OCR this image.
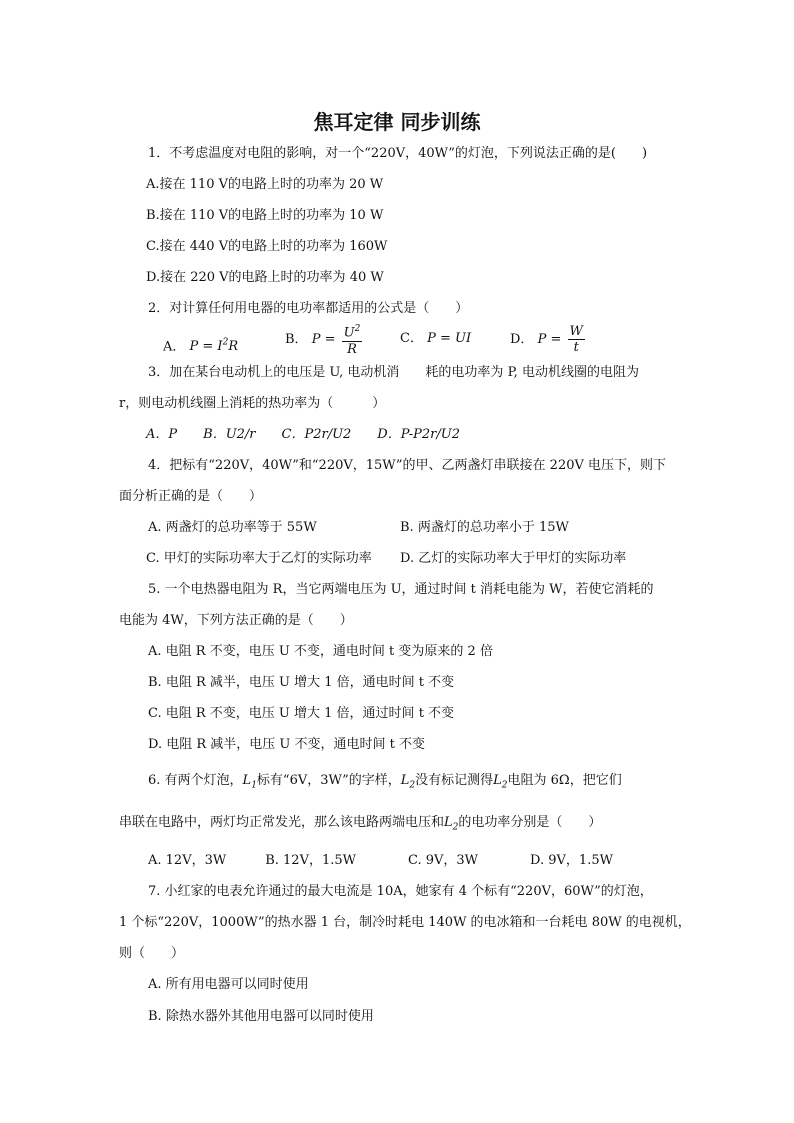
焦耳定律 同步训练
1．不考虑温度对电阻的影响，对一个“220V，40W”的灯泡，下列说法正确的是(　　)
A.接在 110 V的电路上时的功率为 20 W
B.接在 110 V的电路上时的功率为 10 W
C.接在 440 V的电路上时的功率为 160W
D.接在 220 V的电路上时的功率为 40 W
2．对计算任何用电器的电功率都适用的公式是（　　）
A． $P = I^2R$	B． $P = \frac{U^2}{R}$	C． P = UI	D． $P = \frac{W}{t}$
3．加在某台电动机上的电压是 U, 电动机消　　耗的电功率为 P, 电动机线圈的电阻为
r，则电动机线圈上消耗的热功率为（　　　）
A．P　　B．U2/r　　C．P2r/U2　　D．P-P2r/U2
4．把标有“220V，40W”和“220V，15W”的甲、乙两盏灯串联接在 220V 电压下，则下
面分析正确的是（　　）
A. 两盏灯的总功率等于 55W	B. 两盏灯的总功率小于 15W
C. 甲灯的实际功率大于乙灯的实际功率 D. 乙灯的实际功率大于甲灯的实际功率
5. 一个电热器电阻为 R，当它两端电压为 U，通过时间 t 消耗电能为 W，若使它消耗的
电能为 4W，下列方法正确的是（　　）
A. 电阻 R 不变，电压 U 不变，通电时间 t 变为原来的 2 倍
B. 电阻 R 减半，电压 U 增大 1 倍，通电时间 t 不变
C. 电阻 R 不变，电压 U 增大 1 倍，通过时间 t 不变
D. 电阻 R 减半，电压 U 不变，通电时间 t 不变
6. 有两个灯泡，$L_1$标有“6V，3W”的字样，$L_2$没有标记测得$L_2$电阻为 6Ω，把它们
串联在电路中，两灯均正常发光，那么该电路两端电压和$L_2$的电功率分别是（　　）
A. 12V，3W　　　B. 12V，1.5W　　　　C. 9V，3W　　　　D. 9V，1.5W
7. 小红家的电表允许通过的最大电流是 10A，她家有 4 个标有“220V，60W”的灯泡，
1 个标“220V，1000W”的热水器 1 台，制冷时耗电 140W 的电冰箱和一台耗电 80W 的电视机，
则（　　）
A. 所有用电器可以同时使用
B. 除热水器外其他用电器可以同时使用
